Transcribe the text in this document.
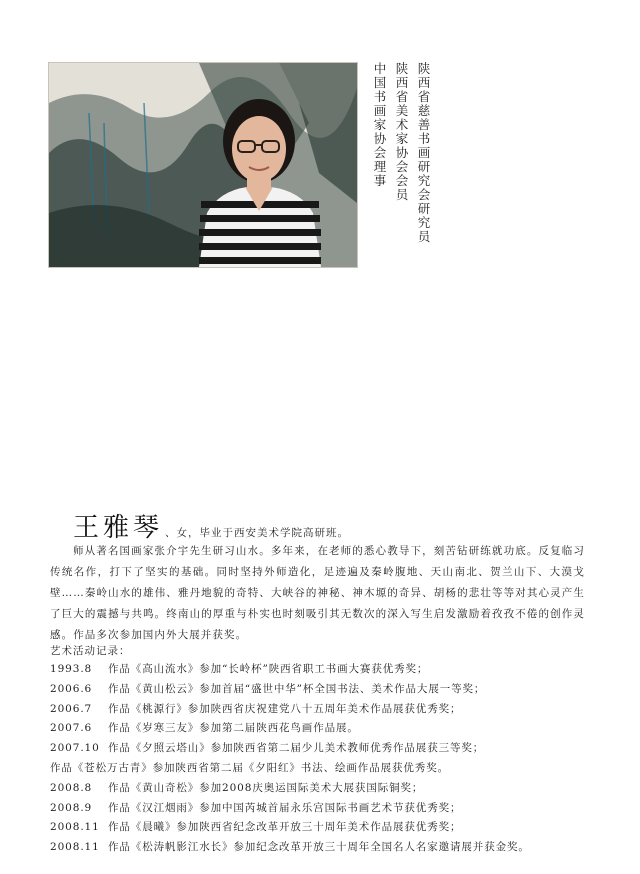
陕西省慈善书画研究会研究员
陕西省美术家协会会员
中国书画家协会理事
王雅琴 、女，毕业于西安美术学院高研班。

师从著名国画家张介宇先生研习山水。多年来，在老师的悉心教导下，刻苦钻研练就功底。反复临习传统名作，打下了坚实的基础。同时坚持外师造化，足迹遍及秦岭腹地、天山南北、贺兰山下、大漠戈壁……秦岭山水的雄伟、雅丹地貌的奇特、大峡谷的神秘、神木塬的奇异、胡杨的悲壮等等对其心灵产生了巨大的震撼与共鸣。终南山的厚重与朴实也时刻吸引其无数次的深入写生启发激励着孜孜不倦的创作灵感。作品多次参加国内外大展并获奖。

艺术活动记录：
1993.8 作品《高山流水》参加“长岭杯”陕西省职工书画大赛获优秀奖；
2006.6 作品《黄山松云》参加首届“盛世中华”杯全国书法、美术作品大展一等奖；
2006.7 作品《桃源行》参加陕西省庆祝建党八十五周年美术作品展获优秀奖；
2007.6 作品《岁寒三友》参加第二届陕西花鸟画作品展。
2007.10 作品《夕照云塔山》参加陕西省第二届少儿美术教师优秀作品展获三等奖；
作品《苍松万古青》参加陕西省第二届《夕阳红》书法、绘画作品展获优秀奖。
2008.8 作品《黄山奇松》参加2008庆奥运国际美术大展获国际铜奖；
2008.9 作品《汉江烟雨》参加中国芮城首届永乐宫国际书画艺术节获优秀奖；
2008.11 作品《晨曦》参加陕西省纪念改革开放三十周年美术作品展获优秀奖；
2008.11 作品《松涛帆影江水长》参加纪念改革开放三十周年全国名人名家邀请展并获金奖。
